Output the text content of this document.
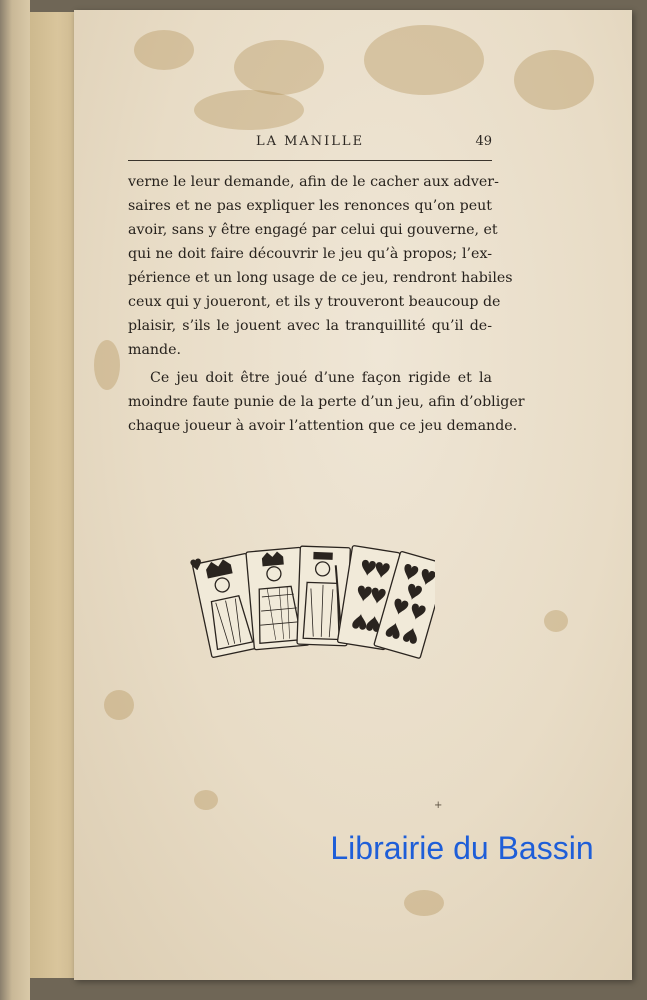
LA MANILLE	49
verne le leur demande, afin de le cacher aux adver-
saires et ne pas expliquer les renonces qu’on peut
avoir, sans y être engagé par celui qui gouverne, et
qui ne doit faire découvrir le jeu qu’à propos; l’ex-
périence et un long usage de ce jeu, rendront habiles
ceux qui y joueront, et ils y trouveront beaucoup de
plaisir, s’ils le jouent avec la tranquillité qu’il de-
mande.
Ce jeu doit être joué d’une façon rigide et la
moindre faute punie de la perte d’un jeu, afin d’obliger
chaque joueur à avoir l’attention que ce jeu demande.
+
Librairie du Bassin
